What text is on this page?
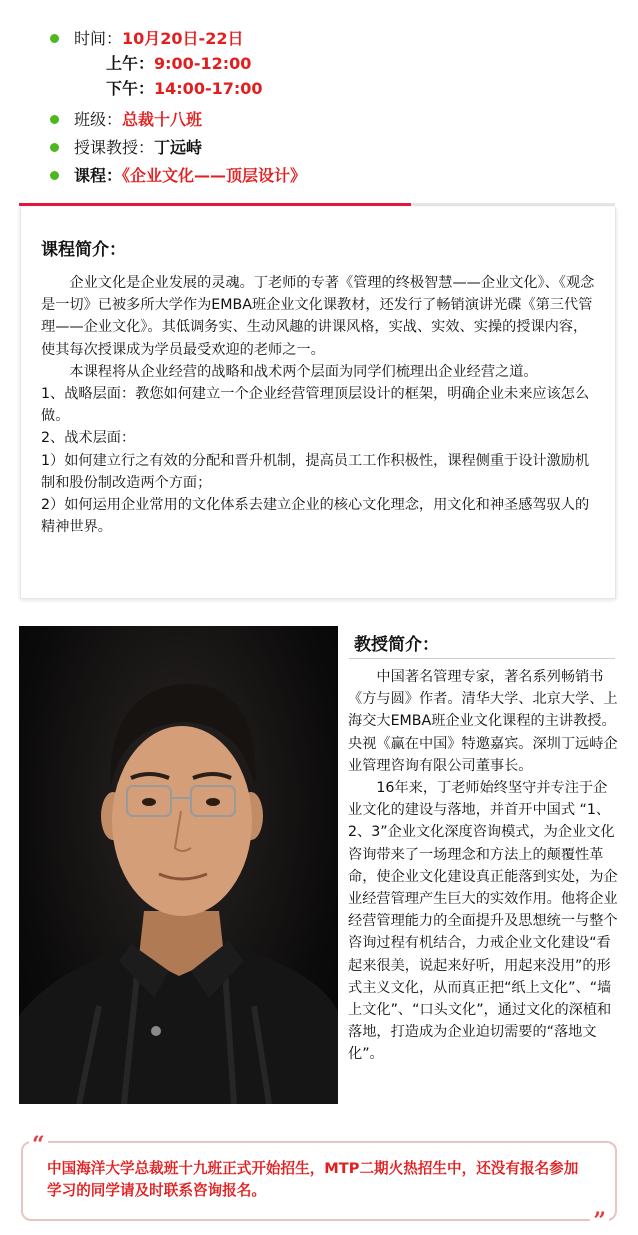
时间：10月20日-22日
上午：9:00-12:00
下午：14:00-17:00
班级：总裁十八班
授课教授：丁远峙
课程：《企业文化——顶层设计》
课程简介：

企业文化是企业发展的灵魂。丁老师的专著《管理的终极智慧——企业文化》、《观念是一切》已被多所大学作为EMBA班企业文化课教材，还发行了畅销演讲光碟《第三代管理——企业文化》。其低调务实、生动风趣的讲课风格，实战、实效、实操的授课内容，使其每次授课成为学员最受欢迎的老师之一。

本课程将从企业经营的战略和战术两个层面为同学们梳理出企业经营之道。

1、战略层面：教您如何建立一个企业经营管理顶层设计的框架，明确企业未来应该怎么做。

2、战术层面：

1）如何建立行之有效的分配和晋升机制，提高员工工作积极性，课程侧重于设计激励机制和股份制改造两个方面；

2）如何运用企业常用的文化体系去建立企业的核心文化理念，用文化和神圣感驾驭人的精神世界。

教授简介：

中国著名管理专家，著名系列畅销书《方与圆》作者。清华大学、北京大学、上海交大EMBA班企业文化课程的主讲教授。央视《赢在中国》特邀嘉宾。深圳丁远峙企业管理咨询有限公司董事长。

16年来，丁老师始终坚守并专注于企业文化的建设与落地，并首开中国式 “1、2、3”企业文化深度咨询模式，为企业文化咨询带来了一场理念和方法上的颠覆性革命，使企业文化建设真正能落到实处，为企业经营管理产生巨大的实效作用。他将企业经营管理能力的全面提升及思想统一与整个咨询过程有机结合，力戒企业文化建设“看起来很美，说起来好听，用起来没用”的形式主义文化，从而真正把“纸上文化”、“墙上文化”、“口头文化”，通过文化的深植和落地，打造成为企业迫切需要的“落地文化”。

“
中国海洋大学总裁班十九班正式开始招生，MTP二期火热招生中，还没有报名参加学习的同学请及时联系咨询报名。
”
